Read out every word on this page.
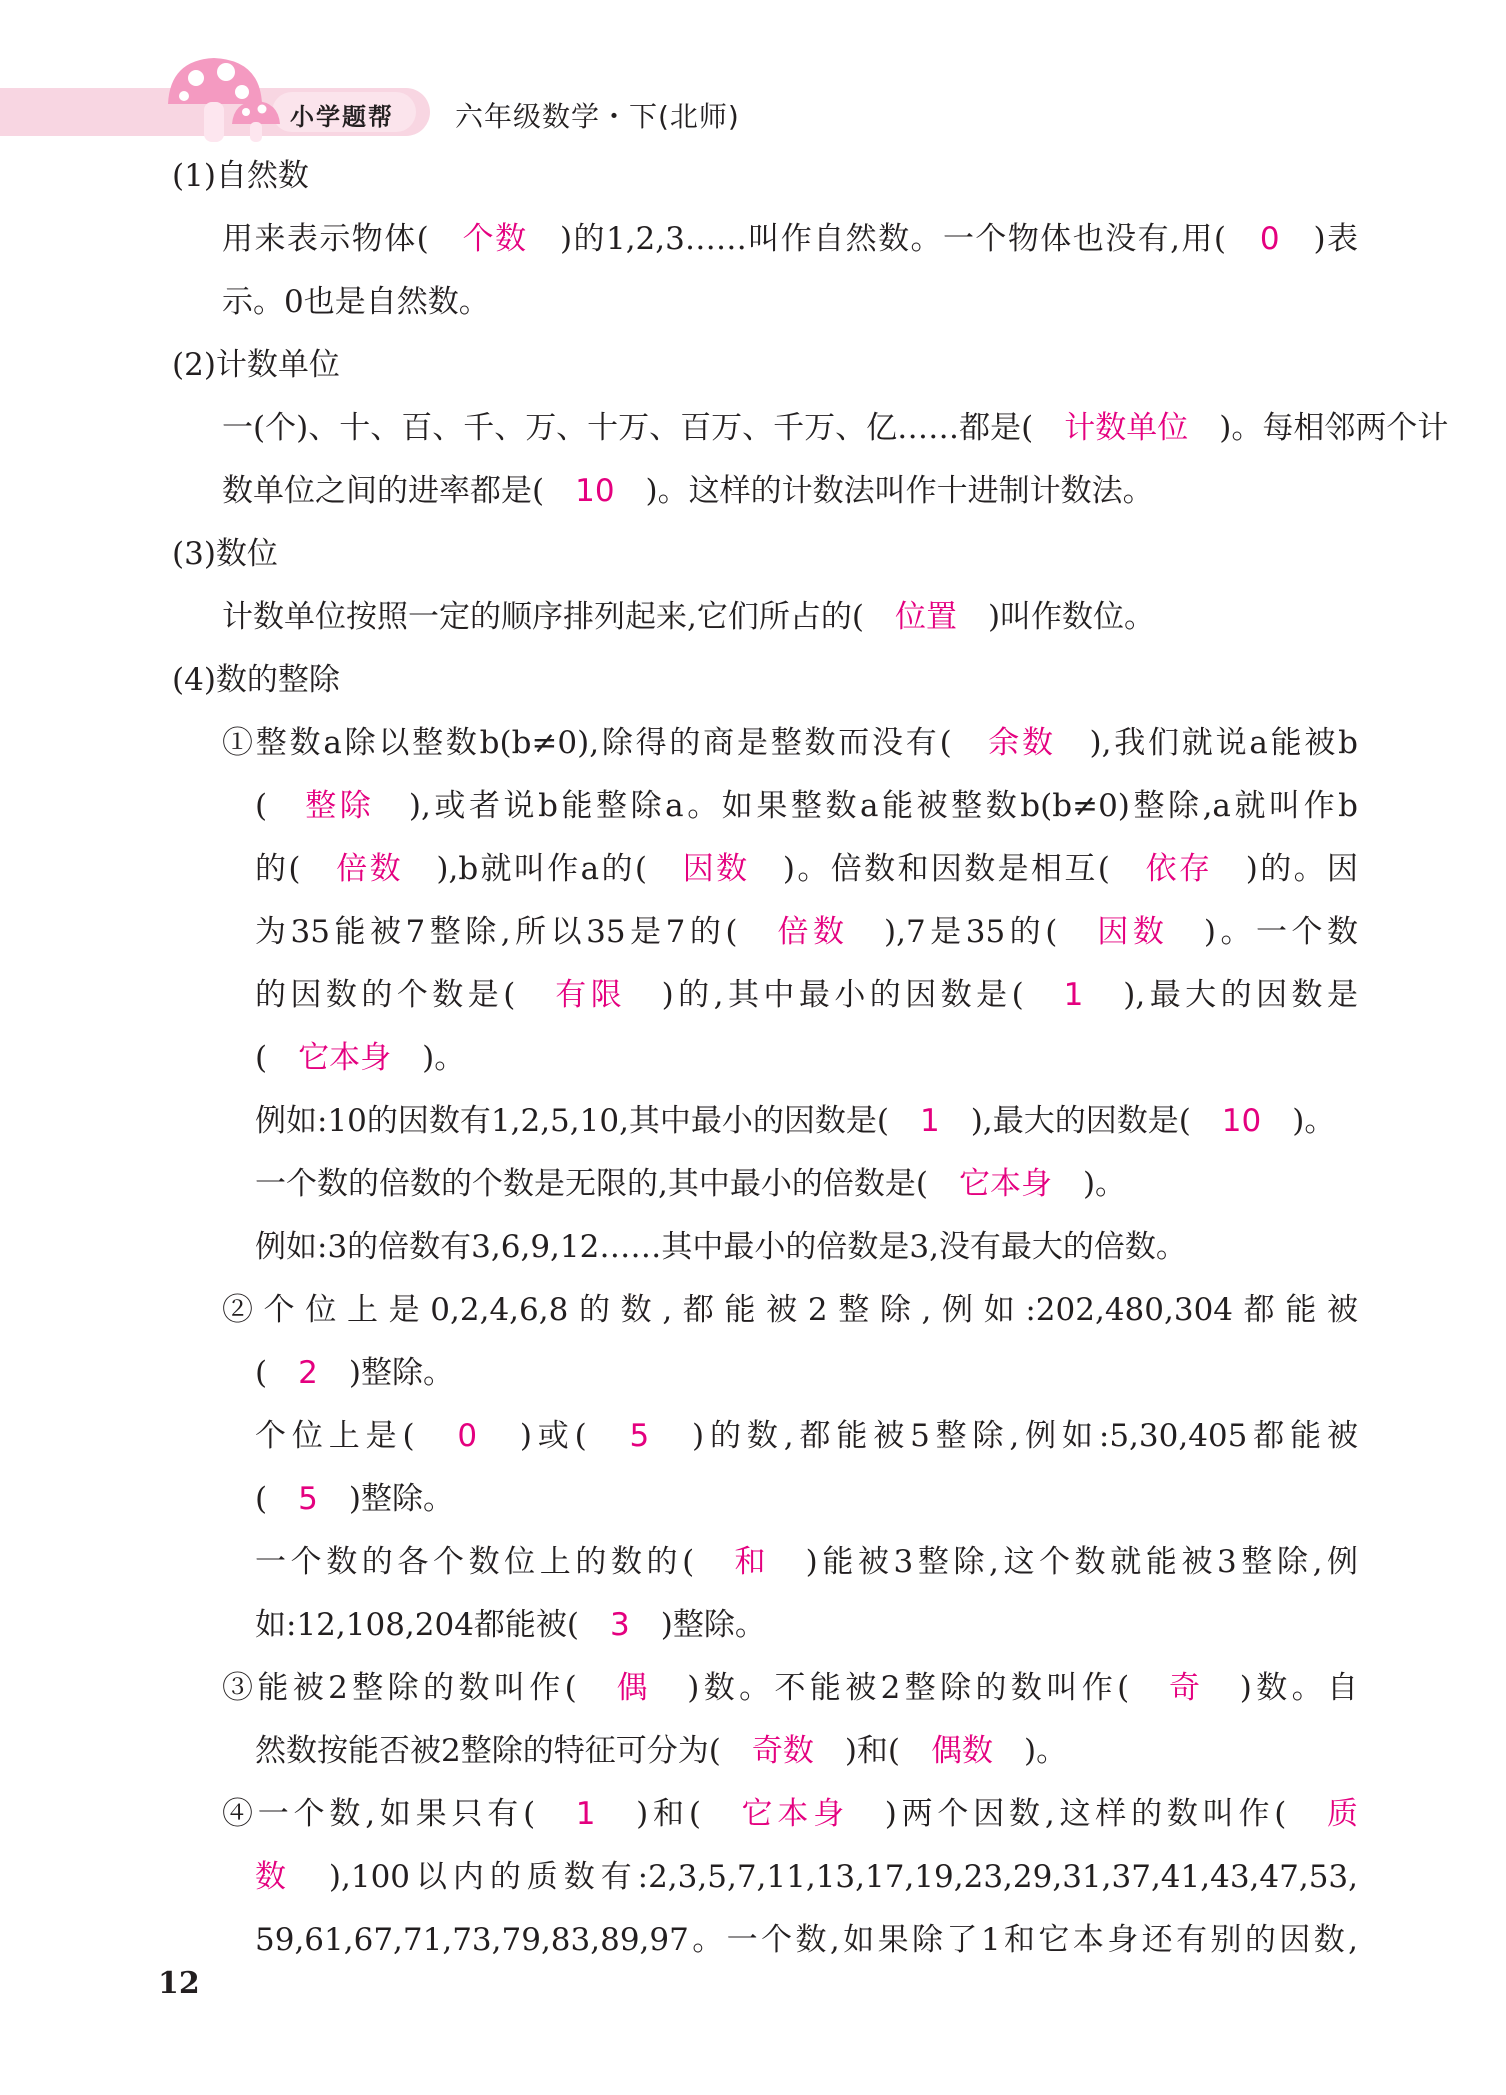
小学题帮 六年级数学・下(北师)
(1)自然数
用来表示物体(　个数　)的1,2,3……叫作自然数。一个物体也没有,用(　0　)表
示。0也是自然数。
(2)计数单位
一(个)、十、百、千、万、十万、百万、千万、亿……都是(　计数单位　)。每相邻两个计
数单位之间的进率都是(　10　)。这样的计数法叫作十进制计数法。
(3)数位
计数单位按照一定的顺序排列起来,它们所占的(　位置　)叫作数位。
(4)数的整除
①整数a除以整数b(b≠0),除得的商是整数而没有(　余数　),我们就说a能被b
(　整除　),或者说b能整除a。如果整数a能被整数b(b≠0)整除,a就叫作b
的(　倍数　),b就叫作a的(　因数　)。倍数和因数是相互(　依存　)的。因
为35能被7整除,所以35是7的(　倍数　),7是35的(　因数　)。一个数
的因数的个数是(　有限　)的,其中最小的因数是(　1　),最大的因数是
(　它本身　)。
例如:10的因数有1,2,5,10,其中最小的因数是(　1　),最大的因数是(　10　)。
一个数的倍数的个数是无限的,其中最小的倍数是(　它本身　)。
例如:3的倍数有3,6,9,12……其中最小的倍数是3,没有最大的倍数。
②个位上是0,2,4,6,8的数,都能被2整除,例如:202,480,304都能被
(　2　)整除。
个位上是(　0　)或(　5　)的数,都能被5整除,例如:5,30,405都能被
(　5　)整除。
一个数的各个数位上的数的(　和　)能被3整除,这个数就能被3整除,例
如:12,108,204都能被(　3　)整除。
③能被2整除的数叫作(　偶　)数。不能被2整除的数叫作(　奇　)数。自
然数按能否被2整除的特征可分为(　奇数　)和(　偶数　)。
④一个数,如果只有(　1　)和(　它本身　)两个因数,这样的数叫作(　质
数　),100以内的质数有:2,3,5,7,11,13,17,19,23,29,31,37,41,43,47,53,
59,61,67,71,73,79,83,89,97。一个数,如果除了1和它本身还有别的因数,
12
